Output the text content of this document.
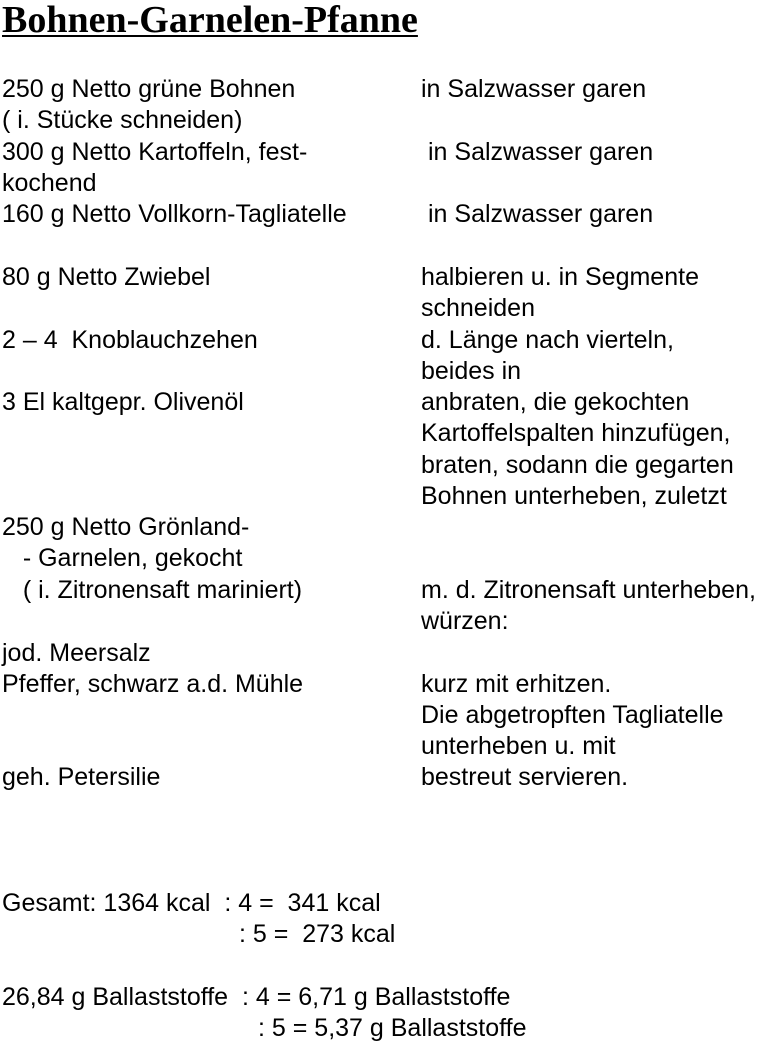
Bohnen-Garnelen-Pfanne
250 g Netto grüne Bohnen
( i. Stücke schneiden)
300 g Netto Kartoffeln, fest-
kochend
160 g Netto Vollkorn-Tagliatelle
80 g Netto Zwiebel
2 – 4  Knoblauchzehen
3 El kaltgepr. Olivenöl
250 g Netto Grönland-
- Garnelen, gekocht
( i. Zitronensaft mariniert)
jod. Meersalz
Pfeffer, schwarz a.d. Mühle
geh. Petersilie
in Salzwasser garen
in Salzwasser garen
in Salzwasser garen
halbieren u. in Segmente
schneiden
d. Länge nach vierteln,
beides in
anbraten, die gekochten
Kartoffelspalten hinzufügen,
braten, sodann die gegarten
Bohnen unterheben, zuletzt
m. d. Zitronensaft unterheben,
würzen:
kurz mit erhitzen.
Die abgetropften Tagliatelle
unterheben u. mit
bestreut servieren.
Gesamt: 1364 kcal  : 4 =  341 kcal
: 5 =  273 kcal
26,84 g Ballaststoffe  : 4 = 6,71 g Ballaststoffe
: 5 = 5,37 g Ballaststoffe
